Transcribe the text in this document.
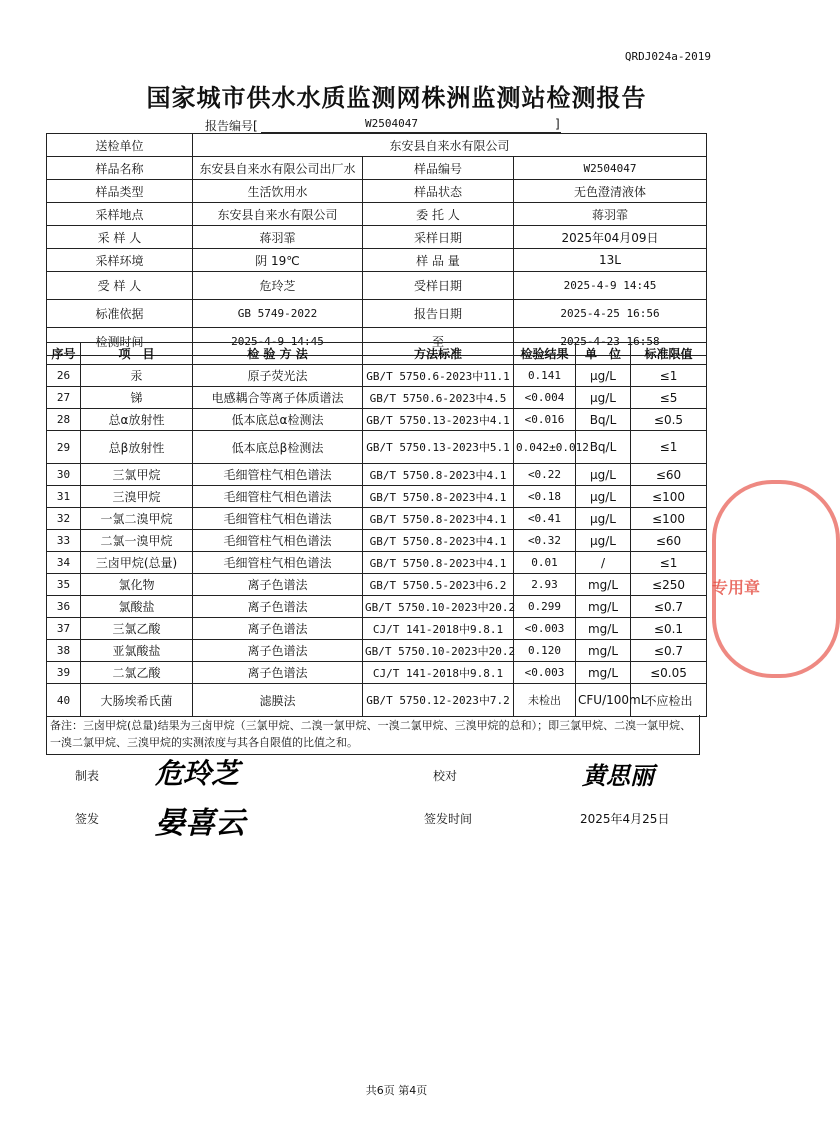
QRDJ024a-2019
国家城市供水水质监测网株洲监测站检测报告
报告编号[	W2504047	]
送检单位	东安县自来水有限公司		
样品名称	东安县自来水有限公司出厂水	样品编号	W2504047
样品类型	生活饮用水	样品状态	无色澄清液体
采样地点	东安县自来水有限公司	委 托 人	蒋羽霏
采 样 人	蒋羽霏	采样日期	2025年04月09日
采样环境	阴 19℃	样 品 量	13L
受 样 人	危玲芝	受样日期	2025-4-9 14:45
标准依据	GB 5749-2022	报告日期	2025-4-25 16:56
检测时间	2025-4-9 14:45	至	2025-4-23 16:58
序号	项　目	检 验 方 法	方法标准	检验结果	单　位	标准限值
26	汞	原子荧光法	GB/T 5750.6-2023中11.1	0.141	μg/L	≤1
27	锑	电感耦合等离子体质谱法	GB/T 5750.6-2023中4.5	<0.004	μg/L	≤5
28	总α放射性	低本底总α检测法	GB/T 5750.13-2023中4.1	<0.016	Bq/L	≤0.5
29	总β放射性	低本底总β检测法	GB/T 5750.13-2023中5.1	0.042±0.012	Bq/L	≤1
30	三氯甲烷	毛细管柱气相色谱法	GB/T 5750.8-2023中4.1	<0.22	μg/L	≤60
31	三溴甲烷	毛细管柱气相色谱法	GB/T 5750.8-2023中4.1	<0.18	μg/L	≤100
32	一氯二溴甲烷	毛细管柱气相色谱法	GB/T 5750.8-2023中4.1	<0.41	μg/L	≤100
33	二氯一溴甲烷	毛细管柱气相色谱法	GB/T 5750.8-2023中4.1	<0.32	μg/L	≤60
34	三卤甲烷(总量)	毛细管柱气相色谱法	GB/T 5750.8-2023中4.1	0.01	/	≤1
35	氯化物	离子色谱法	GB/T 5750.5-2023中6.2	2.93	mg/L	≤250
36	氯酸盐	离子色谱法	GB/T 5750.10-2023中20.2	0.299	mg/L	≤0.7
37	三氯乙酸	离子色谱法	CJ/T 141-2018中9.8.1	<0.003	mg/L	≤0.1
38	亚氯酸盐	离子色谱法	GB/T 5750.10-2023中20.2	0.120	mg/L	≤0.7
39	二氯乙酸	离子色谱法	CJ/T 141-2018中9.8.1	<0.003	mg/L	≤0.05
40	大肠埃希氏菌	滤膜法	GB/T 5750.12-2023中7.2	未检出	CFU/100mL	不应检出
备注：三卤甲烷(总量)结果为三卤甲烷（三氯甲烷、二溴一氯甲烷、一溴二氯甲烷、三溴甲烷的总和）；即三氯甲烷、二溴一氯甲烷、一溴二氯甲烷、三溴甲烷的实测浓度与其各自限值的比值之和。
制表 危玲芝	校对	黄思丽
签发 晏喜云	签发时间	2025年4月25日
专用章
共6页 第4页
